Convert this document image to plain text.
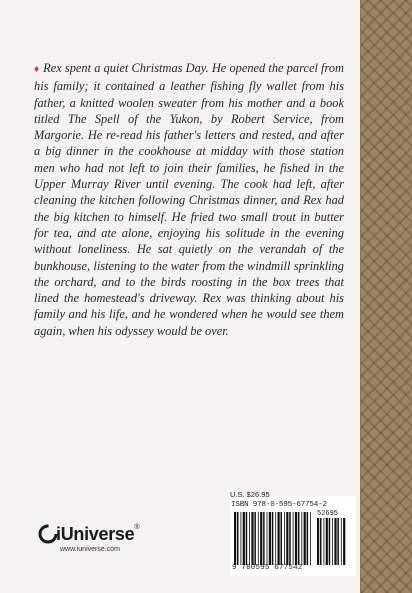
♦ Rex spent a quiet Christmas Day. He opened the parcel from his family; it contained a leather fishing fly wallet from his father, a knitted woolen sweater from his mother and a book titled The Spell of the Yukon, by Robert Service, from Margorie. He re-read his father's letters and rested, and after a big dinner in the cookhouse at midday with those station men who had not left to join their families, he fished in the Upper Murray River until evening. The cook had left, after cleaning the kitchen following Christmas dinner, and Rex had the big kitchen to himself. He fried two small trout in butter for tea, and ate alone, enjoying his solitude in the evening without loneliness. He sat quietly on the verandah of the bunkhouse, listening to the water from the windmill sprinkling the orchard, and to the birds roosting in the box trees that lined the homestead's driveway. Rex was thinking about his family and his life, and he wondered when he would see them again, when his odyssey would be over.

iUniverse®
www.iuniverse.com
U.S. $26.95
ISBN 978-0-595-67754-2
52695
9 780595 677542
